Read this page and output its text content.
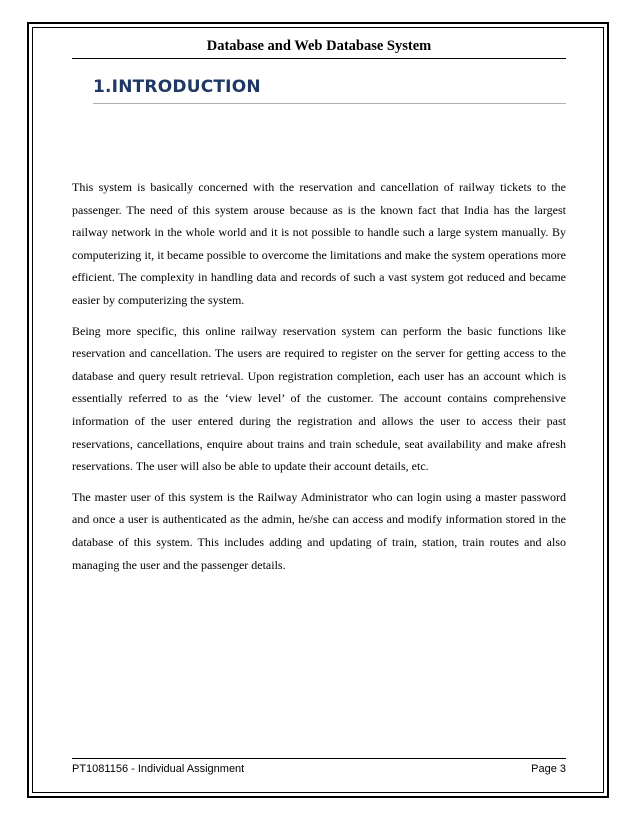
Database and Web Database System
1.INTRODUCTION

This system is basically concerned with the reservation and cancellation of railway tickets to the passenger. The need of this system arouse because as is the known fact that India has the largest railway network in the whole world and it is not possible to handle such a large system manually. By computerizing it, it became possible to overcome the limitations and make the system operations more efficient. The complexity in handling data and records of such a vast system got reduced and became easier by computerizing the system.

Being more specific, this online railway reservation system can perform the basic functions like reservation and cancellation. The users are required to register on the server for getting access to the database and query result retrieval. Upon registration completion, each user has an account which is essentially referred to as the ‘view level’ of the customer. The account contains comprehensive information of the user entered during the registration and allows the user to access their past reservations, cancellations, enquire about trains and train schedule, seat availability and make afresh reservations. The user will also be able to update their account details, etc.

The master user of this system is the Railway Administrator who can login using a master password and once a user is authenticated as the admin, he/she can access and modify information stored in the database of this system. This includes adding and updating of train, station, train routes and also managing the user and the passenger details.

PT1081156 - Individual Assignment	Page 3
